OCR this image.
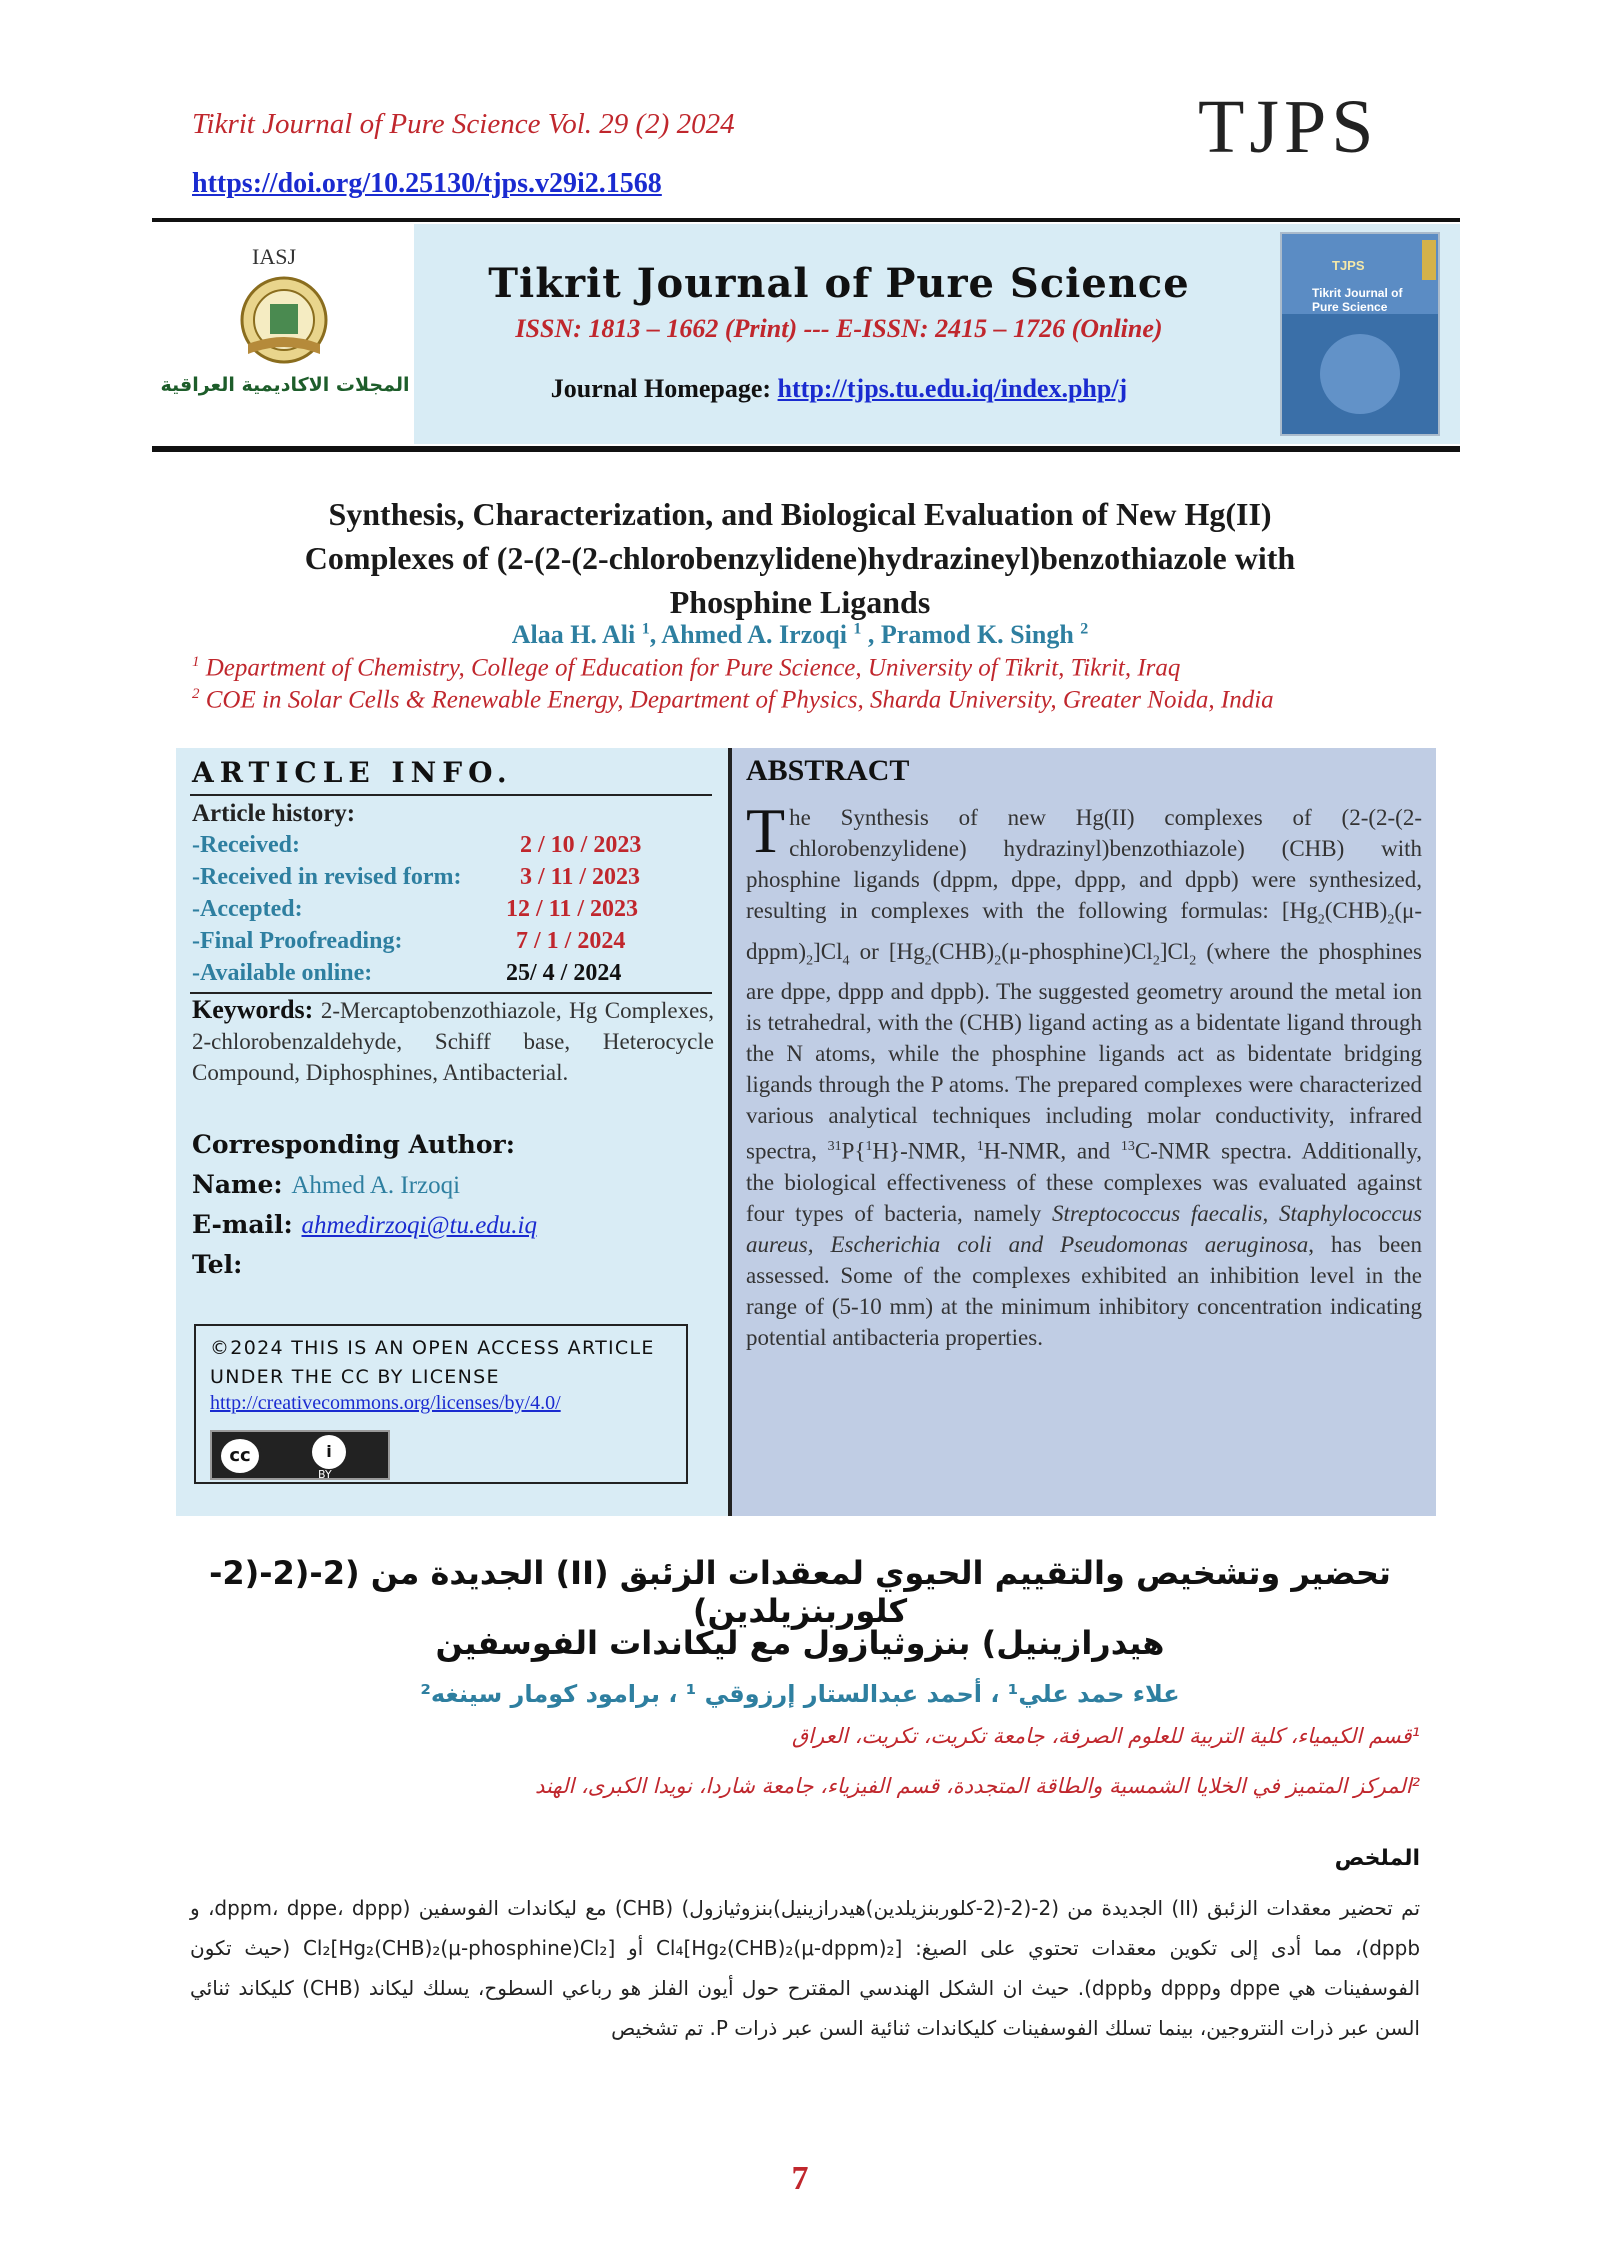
Tikrit Journal of Pure Science Vol. 29 (2) 2024
https://doi.org/10.25130/tjps.v29i2.1568
TJPS
IASJ
المجلات الاكاديمية العراقية
Tikrit Journal of Pure Science
ISSN: 1813 – 1662 (Print) --- E-ISSN: 2415 – 1726 (Online)
Journal Homepage: http://tjps.tu.edu.iq/index.php/j
TJPS
Tikrit Journal of Pure Science
Synthesis, Characterization, and Biological Evaluation of New Hg(II)
Complexes of (2-(2-(2-chlorobenzylidene)hydrazineyl)benzothiazole with
Phosphine Ligands
Alaa H. Ali $^1$, Ahmed A. Irzoqi $^1$ , Pramod K. Singh $^2$
$^1$ Department of Chemistry, College of Education for Pure Science, University of Tikrit, Tikrit, Iraq
$^2$ COE in Solar Cells & Renewable Energy, Department of Physics, Sharda University, Greater Noida, India
ARTICLE INFO.
Article history:
-Received:	2 / 10 / 2023
-Received in revised form: 3 / 11 / 2023
-Accepted:	12 / 11 / 2023
-Final Proofreading:	7 / 1 / 2024
-Available online:	25/ 4 / 2024
Keywords: 2-Mercaptobenzothiazole, Hg Complexes, 2-chlorobenzaldehyde, Schiff base, Heterocycle Compound, Diphosphines, Antibacterial.
Corresponding Author:
Name: Ahmed A. Irzoqi
E-mail: ahmedirzoqi@tu.edu.iq
Tel:
©2024 THIS IS AN OPEN ACCESS ARTICLE UNDER THE CC BY LICENSE
http://creativecommons.org/licenses/by/4.0/
cc	i
BY
ABSTRACT
The Synthesis of new Hg(II) complexes of (2-(2-(2-chlorobenzylidene) hydrazinyl)benzothiazole) (CHB) with phosphine ligands (dppm, dppe, dppp, and dppb) were synthesized, resulting in complexes with the following formulas: $[Hg_2(CHB)_2(\mu-dppm)_2]Cl_4$ or $[Hg_2(CHB)_2(\mu-phosphine)Cl_2]Cl_2$ (where the phosphines are dppe, dppp and dppb). The suggested geometry around the metal ion is tetrahedral, with the (CHB) ligand acting as a bidentate ligand through the N atoms, while the phosphine ligands act as bidentate bridging ligands through the P atoms. The prepared complexes were characterized various analytical techniques including molar conductivity, infrared spectra, $^{31}$P{$^1$H}-NMR, $^1$H-NMR, and $^{13}$C-NMR spectra. Additionally, the biological effectiveness of these complexes was evaluated against four types of bacteria, namely Streptococcus faecalis, Staphylococcus aureus, Escherichia coli and Pseudomonas aeruginosa, has been assessed. Some of the complexes exhibited an inhibition level in the range of (5-10 mm) at the minimum inhibitory concentration indicating potential antibacteria properties.
تحضير وتشخيص والتقييم الحيوي لمعقدات الزئبق (II) الجديدة من (2-(2-(2-كلوربنزيلدين)
هيدرازينيل) بنزوثيازول مع ليكاندات الفوسفين
علاء حمد علي¹ ، أحمد عبدالستار إرزوقي ¹ ، برامود كومار سينغه²
¹قسم الكيمياء، كلية التربية للعلوم الصرفة، جامعة تكريت، تكريت، العراق
²المركز المتميز في الخلايا الشمسية والطاقة المتجددة، قسم الفيزياء، جامعة شاردا، نويدا الكبرى، الهند
الملخص
تم تحضير معقدات الزئبق (II) الجديدة من (2-(2-(2-كلوربنزيلدين)هيدرازينيل)بنزوثيازول) (CHB) مع ليكاندات الفوسفين (dppm، dppe، dppp، و dppb)، مما أدى إلى تكوين معقدات تحتوي على الصيغ: [Hg₂(CHB)₂(μ-dppm)₂]Cl₄ أو [Hg₂(CHB)₂(μ-phosphine)Cl₂]Cl₂ (حيث تكون الفوسفينات هي dppe وdppp وdppb). حيث ان الشكل الهندسي المقترح حول أيون الفلز هو رباعي السطوح، يسلك ليكاند (CHB) كليكاند ثنائي السن عبر ذرات النتروجين، بينما تسلك الفوسفينات كليكاندات ثنائية السن عبر ذرات P. تم تشخيص
7
